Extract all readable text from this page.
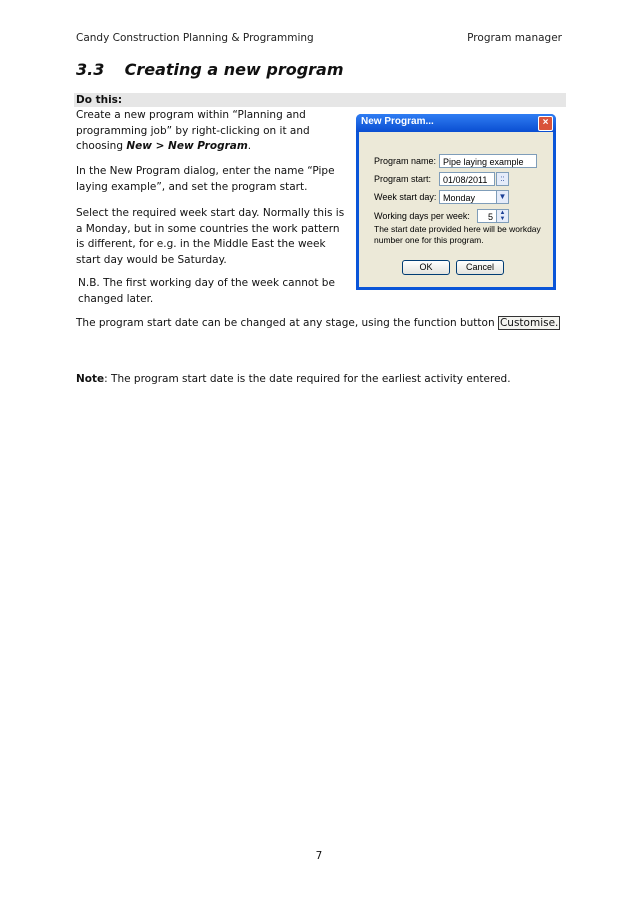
Candy Construction Planning & Programming	Program manager
3.3 Creating a new program
Do this:
Create a new program within “Planning and programming job” by right-clicking on it and choosing New > New Program.
In the New Program dialog, enter the name “Pipe laying example”, and set the program start.
Select the required week start day. Normally this is a Monday, but in some countries the work pattern is different, for e.g. in the Middle East the week start day would be Saturday.
N.B. The first working day of the week cannot be changed later.
The program start date can be changed at any stage, using the function button Customise.
Note: The program start date is the date required for the earliest activity entered.
New Program...	×
Program name: Pipe laying example
Program start:	01/08/2011	::
Week start day: Monday	▼
Working days per week:	5	▲
▼
The start date provided here will be workday number one for this program.
OK	Cancel
7
